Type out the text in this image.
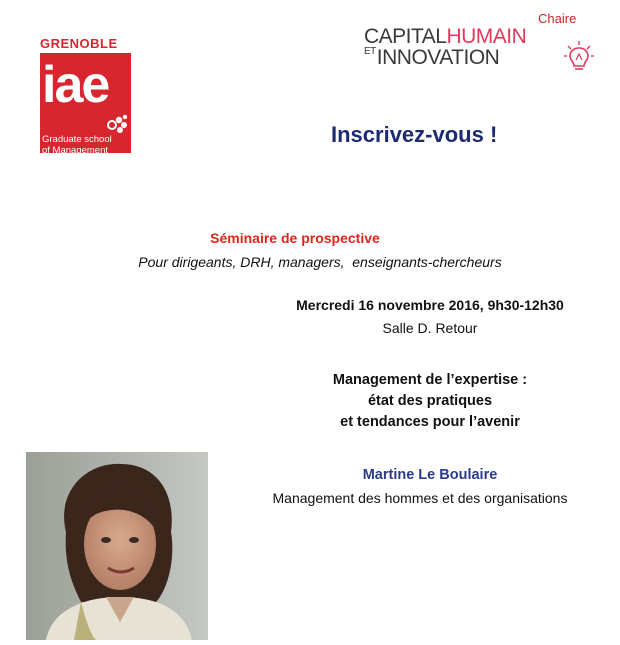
GRENOBLE
iae
Graduate school
of Management
Chaire
CAPITALHUMAIN
$^{ET}$INNOVATION
Inscrivez-vous !
Séminaire de prospective
Pour dirigeants, DRH, managers,  enseignants-chercheurs
Mercredi 16 novembre 2016, 9h30-12h30
Salle D. Retour
Management de l’expertise :
état des pratiques
et tendances pour l’avenir
Martine Le Boulaire
Management des hommes et des organisations
